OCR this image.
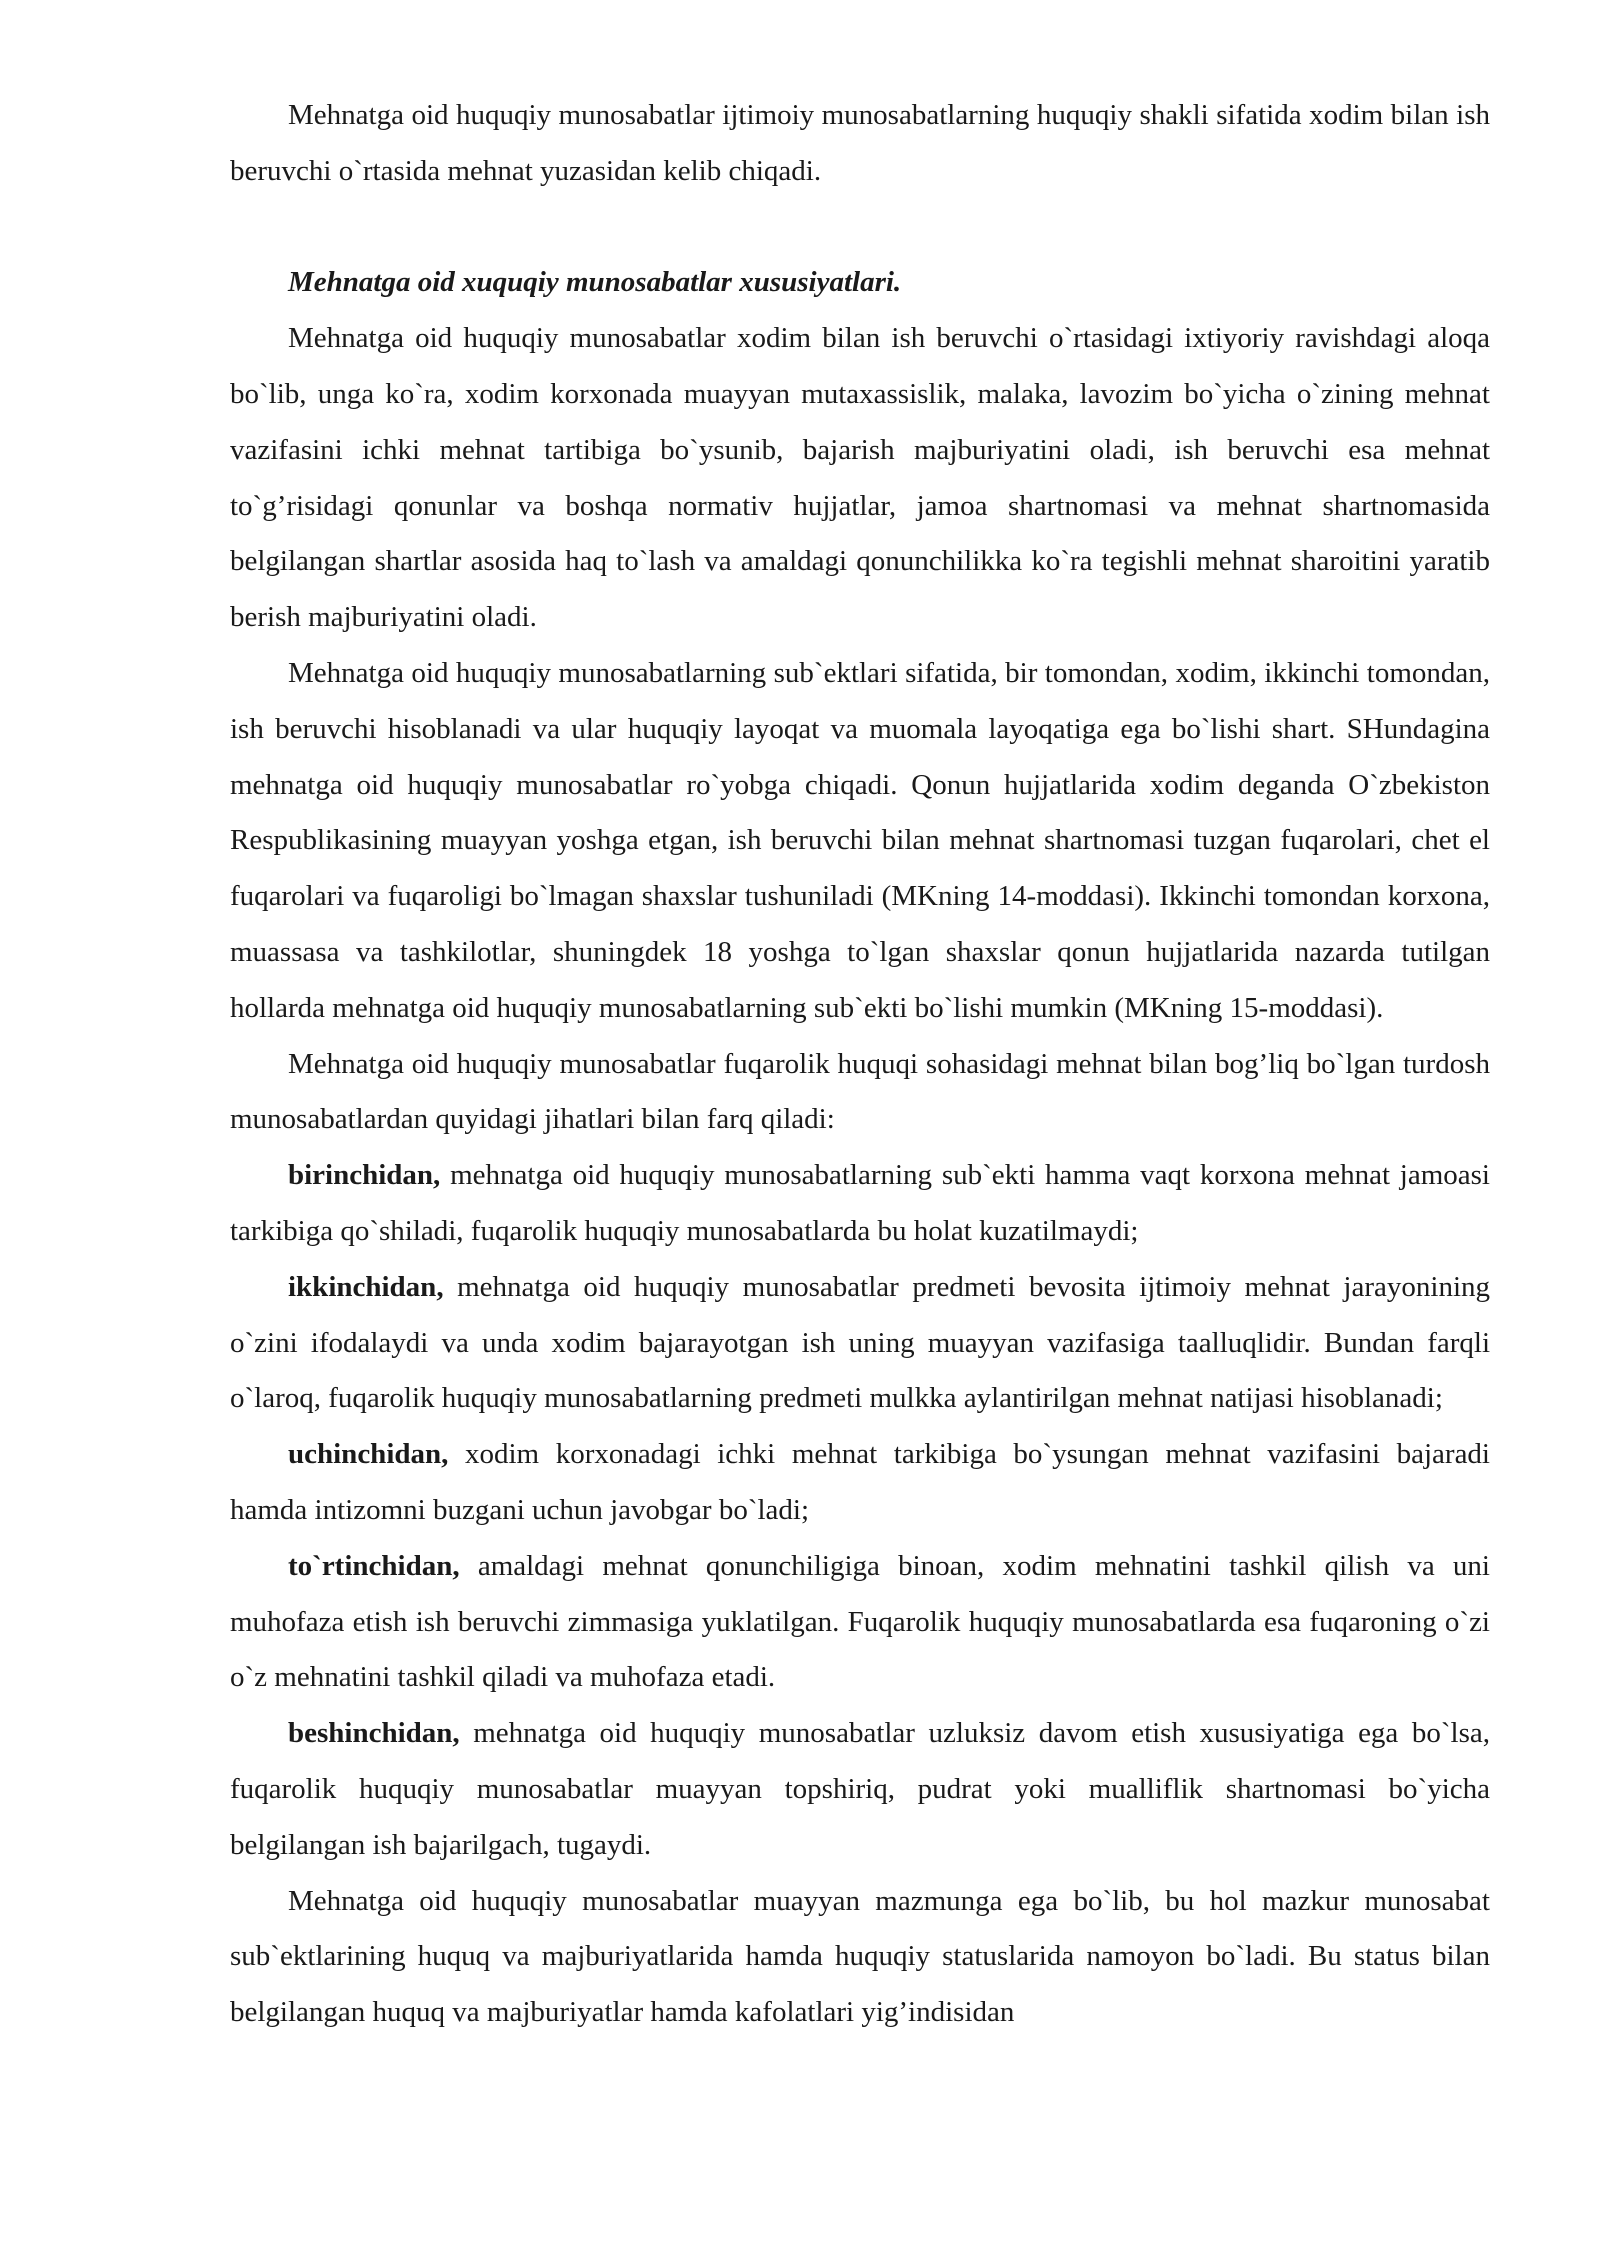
Mehnatga oid huquqiy munosabatlar ijtimoiy munosabatlarning huquqiy shakli sifatida xodim bilan ish beruvchi o`rtasida mehnat yuzasidan kelib chiqadi.

Mehnatga oid xuquqiy munosabatlar xususiyatlari.

Mehnatga oid huquqiy munosabatlar xodim bilan ish beruvchi o`rtasidagi ixtiyoriy ravishdagi aloqa bo`lib, unga ko`ra, xodim korxonada muayyan mutaxassislik, malaka, lavozim bo`yicha o`zining mehnat vazifasini ichki mehnat tartibiga bo`ysunib, bajarish majburiyatini oladi, ish beruvchi esa mehnat to`g’risidagi qonunlar va boshqa normativ hujjatlar, jamoa shartnomasi va mehnat shartnomasida belgilangan shartlar asosida haq to`lash va amaldagi qonunchilikka ko`ra tegishli mehnat sharoitini yaratib berish majburiyatini oladi.

Mehnatga oid huquqiy munosabatlarning sub`ektlari sifatida, bir tomondan, xodim, ikkinchi tomondan, ish beruvchi hisoblanadi va ular huquqiy layoqat va muomala layoqatiga ega bo`lishi shart. SHundagina mehnatga oid huquqiy munosabatlar ro`yobga chiqadi. Qonun hujjatlarida xodim deganda O`zbekiston Respublikasining muayyan yoshga etgan, ish beruvchi bilan mehnat shartnomasi tuzgan fuqarolari, chet el fuqarolari va fuqaroligi bo`lmagan shaxslar tushuniladi (MKning 14-moddasi). Ikkinchi tomondan korxona, muassasa va tashkilotlar, shuningdek 18 yoshga to`lgan shaxslar qonun hujjatlarida nazarda tutilgan hollarda mehnatga oid huquqiy munosabatlarning sub`ekti bo`lishi mumkin (MKning 15-moddasi).

Mehnatga oid huquqiy munosabatlar fuqarolik huquqi sohasidagi mehnat bilan bog’liq bo`lgan turdosh munosabatlardan quyidagi jihatlari bilan farq qiladi:

birinchidan, mehnatga oid huquqiy munosabatlarning sub`ekti hamma vaqt korxona mehnat jamoasi tarkibiga qo`shiladi, fuqarolik huquqiy munosabatlarda bu holat kuzatilmaydi;

ikkinchidan, mehnatga oid huquqiy munosabatlar predmeti bevosita ijtimoiy mehnat jarayonining o`zini ifodalaydi va unda xodim bajarayotgan ish uning muayyan vazifasiga taalluqlidir. Bundan farqli o`laroq, fuqarolik huquqiy munosabatlarning predmeti mulkka aylantirilgan mehnat natijasi hisoblanadi;

uchinchidan, xodim korxonadagi ichki mehnat tarkibiga bo`ysungan mehnat vazifasini bajaradi hamda intizomni buzgani uchun javobgar bo`ladi;

to`rtinchidan, amaldagi mehnat qonunchiligiga binoan, xodim mehnatini tashkil qilish va uni muhofaza etish ish beruvchi zimmasiga yuklatilgan. Fuqarolik huquqiy munosabatlarda esa fuqaroning o`zi o`z mehnatini tashkil qiladi va muhofaza etadi.

beshinchidan, mehnatga oid huquqiy munosabatlar uzluksiz davom etish xususiyatiga ega bo`lsa, fuqarolik huquqiy munosabatlar muayyan topshiriq, pudrat yoki mualliflik shartnomasi bo`yicha belgilangan ish bajarilgach, tugaydi.

Mehnatga oid huquqiy munosabatlar muayyan mazmunga ega bo`lib, bu hol mazkur munosabat sub`ektlarining huquq va majburiyatlarida hamda huquqiy statuslarida namoyon bo`ladi. Bu status bilan belgilangan huquq va majburiyatlar hamda kafolatlari yig’indisidan
